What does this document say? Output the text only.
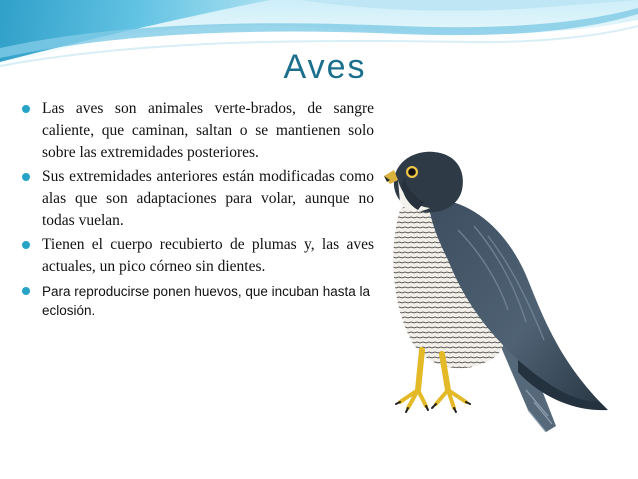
Aves
Las aves son animales verte-brados, de sangre caliente, que caminan, saltan o se mantienen solo sobre las extremidades posteriores.
Sus extremidades anteriores están modificadas como alas que son adaptaciones para volar, aunque no todas vuelan.
Tienen el cuerpo recubierto de plumas y, las aves actuales, un pico córneo sin dientes.
Para reproducirse ponen huevos, que incuban hasta la eclosión.
